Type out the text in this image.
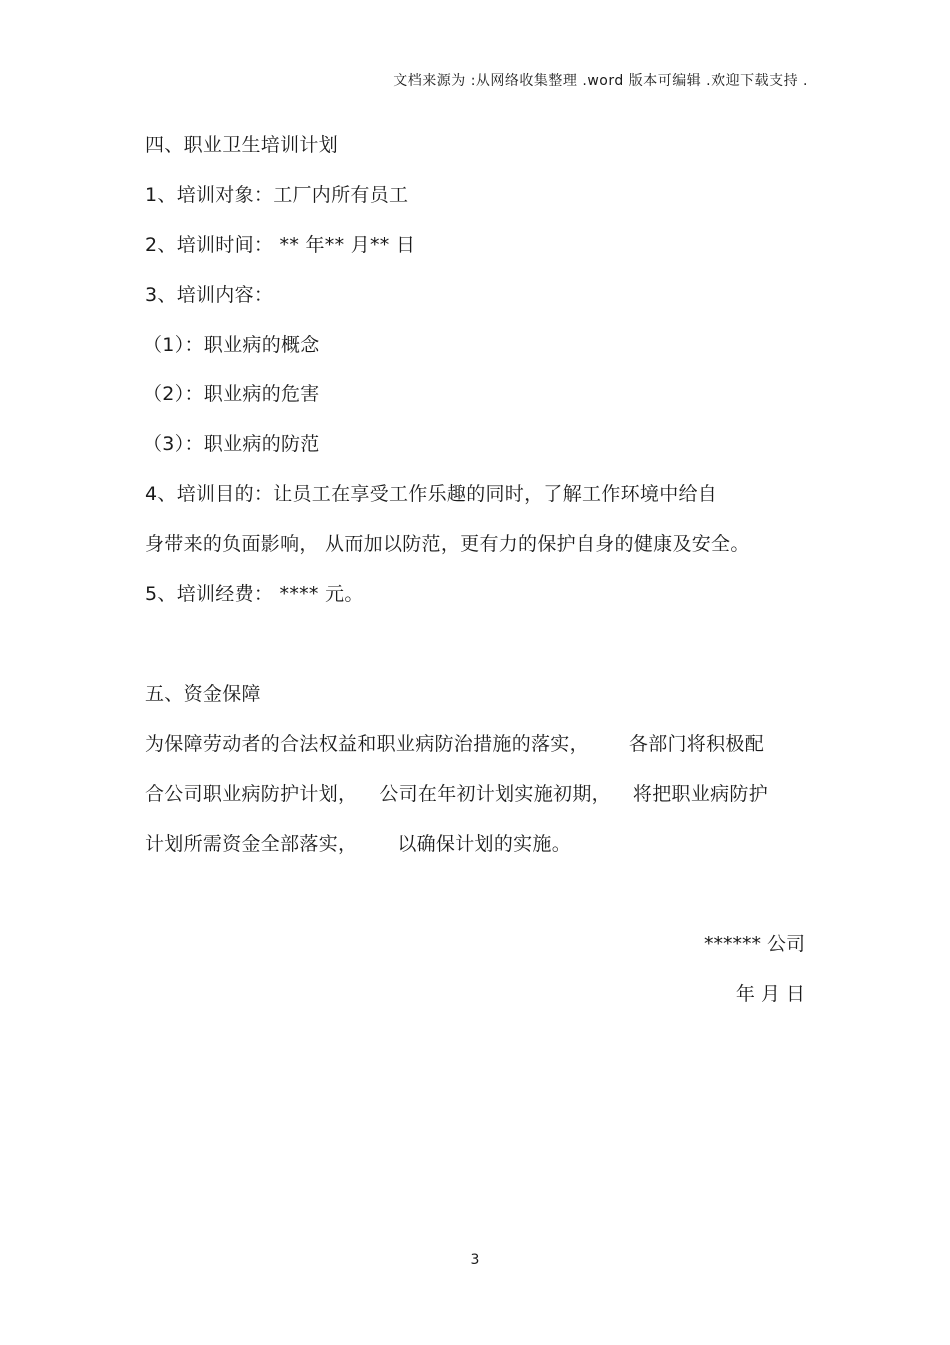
文档来源为 :从网络收集整理 .word 版本可编辑 .欢迎下载支持 .
四、职业卫生培训计划
1、培训对象：工厂内所有员工
2、培训时间： ** 年** 月** 日
3、培训内容：
（1）：职业病的概念
（2）：职业病的危害
（3）：职业病的防范
4、培训目的：让员工在享受工作乐趣的同时，了解工作环境中给自
身带来的负面影响， 从而加以防范，更有力的保护自身的健康及安全。
5、培训经费： **** 元。
五、资金保障
为保障劳动者的合法权益和职业病防治措施的落实， 各部门将积极配
合公司职业病防护计划， 公司在年初计划实施初期， 将把职业病防护
计划所需资金全部落实， 以确保计划的实施。
****** 公司
年 月 日
3
